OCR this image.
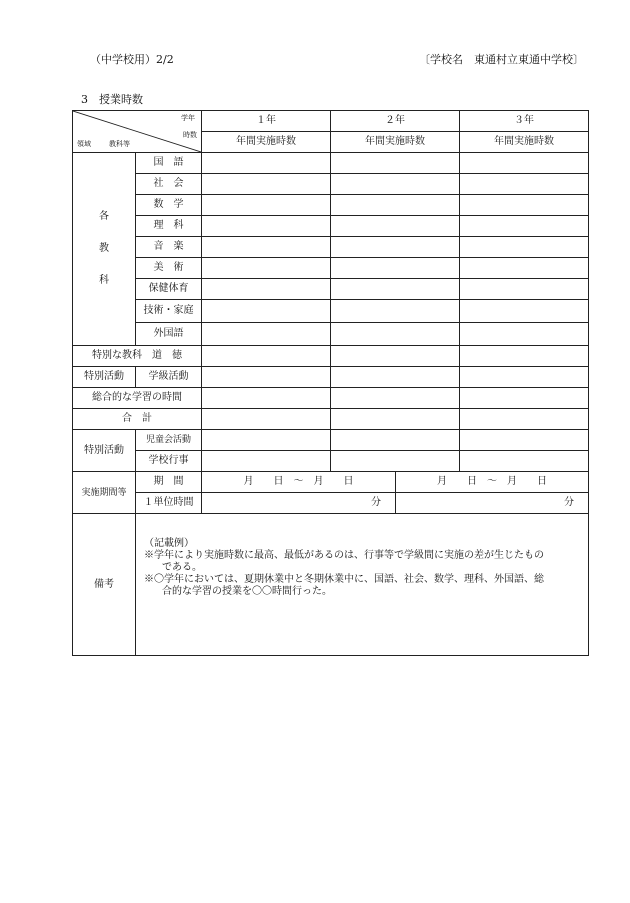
（中学校用）2/2	〔学校名　東通村立東通中学校〕
3　授業時数
学年
時数
領域 教科等		１年	２年		３年
		年間実施時数	年間実施時数		年間実施時数

各

教

科	国　語				
	社　会				
	数　学				
	理　科				
	音　楽				
	美　術				
	保健体育				
	技術・家庭				
	外国語				
特別な教科　 道　徳					
特別活動	学級活動				
総合的な学習の時間					
合　計					
特別活動	児童会活動				
	学校行事				
実施期間等	期　間	月　　日　～　月　　日		月　　日　～　月　　日	
	１単位時間	分		分	
備考	（記載例）
※学年により実施時数に最高、最低があるのは、行事等で学級間に実施の差が生じたもの
である。
※〇学年においては、夏期休業中と冬期休業中に、国語、社会、数学、理科、外国語、総
合的な学習の授業を〇〇時間行った。				
